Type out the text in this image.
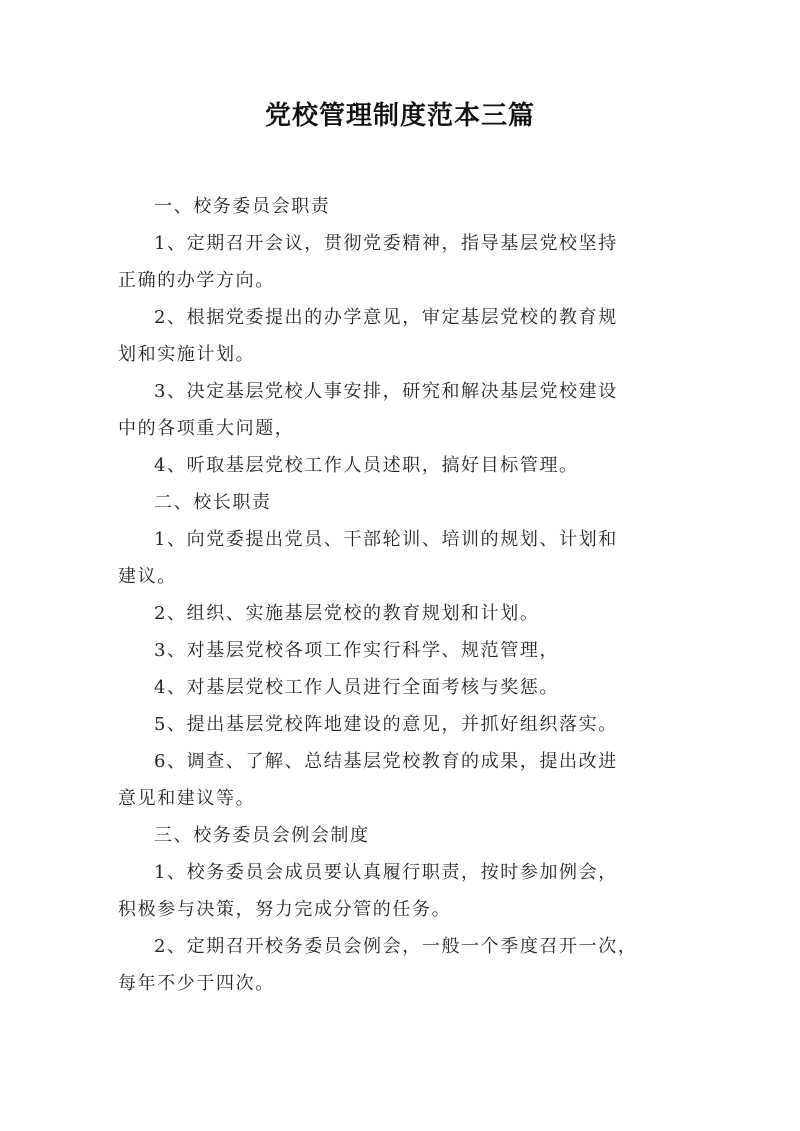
党校管理制度范本三篇

一、校务委员会职责

1、定期召开会议，贯彻党委精神，指导基层党校坚持
正确的办学方向。

2、根据党委提出的办学意见，审定基层党校的教育规
划和实施计划。

3、决定基层党校人事安排，研究和解决基层党校建设
中的各项重大问题，

4、听取基层党校工作人员述职，搞好目标管理。

二、校长职责

1、向党委提出党员、干部轮训、培训的规划、计划和
建议。

2、组织、实施基层党校的教育规划和计划。

3、对基层党校各项工作实行科学、规范管理，

4、对基层党校工作人员进行全面考核与奖惩。

5、提出基层党校阵地建设的意见，并抓好组织落实。

6、调查、了解、总结基层党校教育的成果，提出改进
意见和建议等。

三、校务委员会例会制度

1、校务委员会成员要认真履行职责，按时参加例会，
积极参与决策，努力完成分管的任务。

2、定期召开校务委员会例会，一般一个季度召开一次，
每年不少于四次。
